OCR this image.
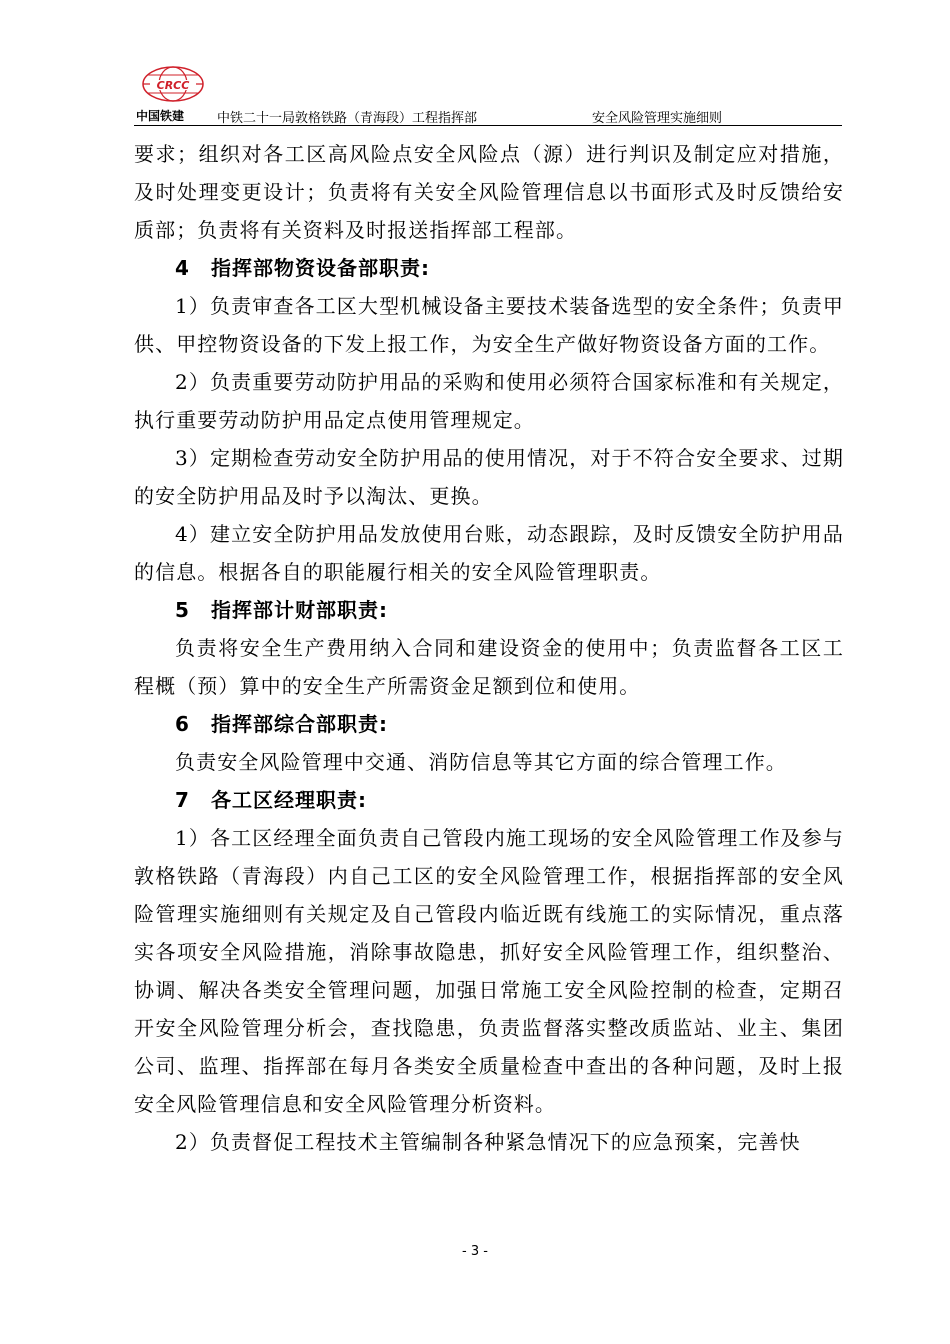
CRCC
中国铁建	中铁二十一局敦格铁路（青海段）工程指挥部	安全风险管理实施细则

要求；组织对各工区高风险点安全风险点（源）进行判识及制定应对措施，及时处理变更设计；负责将有关安全风险管理信息以书面形式及时反馈给安质部；负责将有关资料及时报送指挥部工程部。

4 指挥部物资设备部职责:

1）负责审查各工区大型机械设备主要技术装备选型的安全条件；负责甲供、甲控物资设备的下发上报工作，为安全生产做好物资设备方面的工作。

2）负责重要劳动防护用品的采购和使用必须符合国家标准和有关规定，执行重要劳动防护用品定点使用管理规定。

3）定期检查劳动安全防护用品的使用情况，对于不符合安全要求、过期的安全防护用品及时予以淘汰、更换。

4）建立安全防护用品发放使用台账，动态跟踪，及时反馈安全防护用品的信息。根据各自的职能履行相关的安全风险管理职责。

5 指挥部计财部职责:

负责将安全生产费用纳入合同和建设资金的使用中；负责监督各工区工程概（预）算中的安全生产所需资金足额到位和使用。

6 指挥部综合部职责:

负责安全风险管理中交通、消防信息等其它方面的综合管理工作。

7 各工区经理职责:

1）各工区经理全面负责自己管段内施工现场的安全风险管理工作及参与敦格铁路（青海段）内自己工区的安全风险管理工作，根据指挥部的安全风险管理实施细则有关规定及自己管段内临近既有线施工的实际情况，重点落实各项安全风险措施，消除事故隐患，抓好安全风险管理工作，组织整治、协调、解决各类安全管理问题，加强日常施工安全风险控制的检查，定期召开安全风险管理分析会，查找隐患，负责监督落实整改质监站、业主、集团公司、监理、指挥部在每月各类安全质量检查中查出的各种问题，及时上报安全风险管理信息和安全风险管理分析资料。

2）负责督促工程技术主管编制各种紧急情况下的应急预案，完善快

- 3 -
